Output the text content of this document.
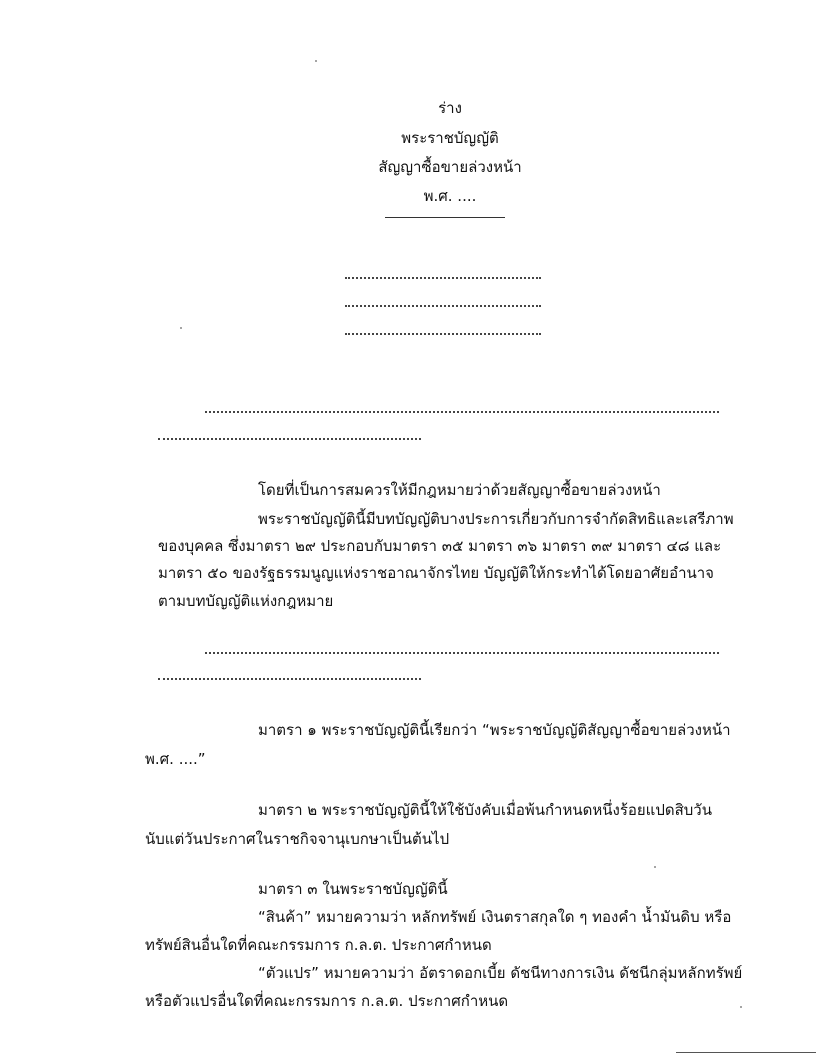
ร่าง
พระราชบัญญัติ
สัญญาซื้อขายล่วงหน้า
พ.ศ. ....
โดยที่เป็นการสมควรให้มีกฎหมายว่าด้วยสัญญาซื้อขายล่วงหน้า
พระราชบัญญัตินี้มีบทบัญญัติบางประการเกี่ยวกับการจำกัดสิทธิและเสรีภาพ
ของบุคคล ซึ่งมาตรา ๒๙ ประกอบกับมาตรา ๓๕ มาตรา ๓๖ มาตรา ๓๙ มาตรา ๔๘ และ
มาตรา ๕๐ ของรัฐธรรมนูญแห่งราชอาณาจักรไทย บัญญัติให้กระทำได้โดยอาศัยอำนาจ
ตามบทบัญญัติแห่งกฎหมาย
มาตรา ๑ พระราชบัญญัตินี้เรียกว่า “พระราชบัญญัติสัญญาซื้อขายล่วงหน้า
พ.ศ. ....”
มาตรา ๒ พระราชบัญญัตินี้ให้ใช้บังคับเมื่อพ้นกำหนดหนึ่งร้อยแปดสิบวัน
นับแต่วันประกาศในราชกิจจานุเบกษาเป็นต้นไป
มาตรา ๓ ในพระราชบัญญัตินี้
“สินค้า” หมายความว่า หลักทรัพย์ เงินตราสกุลใด ๆ ทองคำ น้ำมันดิบ หรือ
ทรัพย์สินอื่นใดที่คณะกรรมการ ก.ล.ต. ประกาศกำหนด
“ตัวแปร” หมายความว่า อัตราดอกเบี้ย ดัชนีทางการเงิน ดัชนีกลุ่มหลักทรัพย์
หรือตัวแปรอื่นใดที่คณะกรรมการ ก.ล.ต. ประกาศกำหนด
